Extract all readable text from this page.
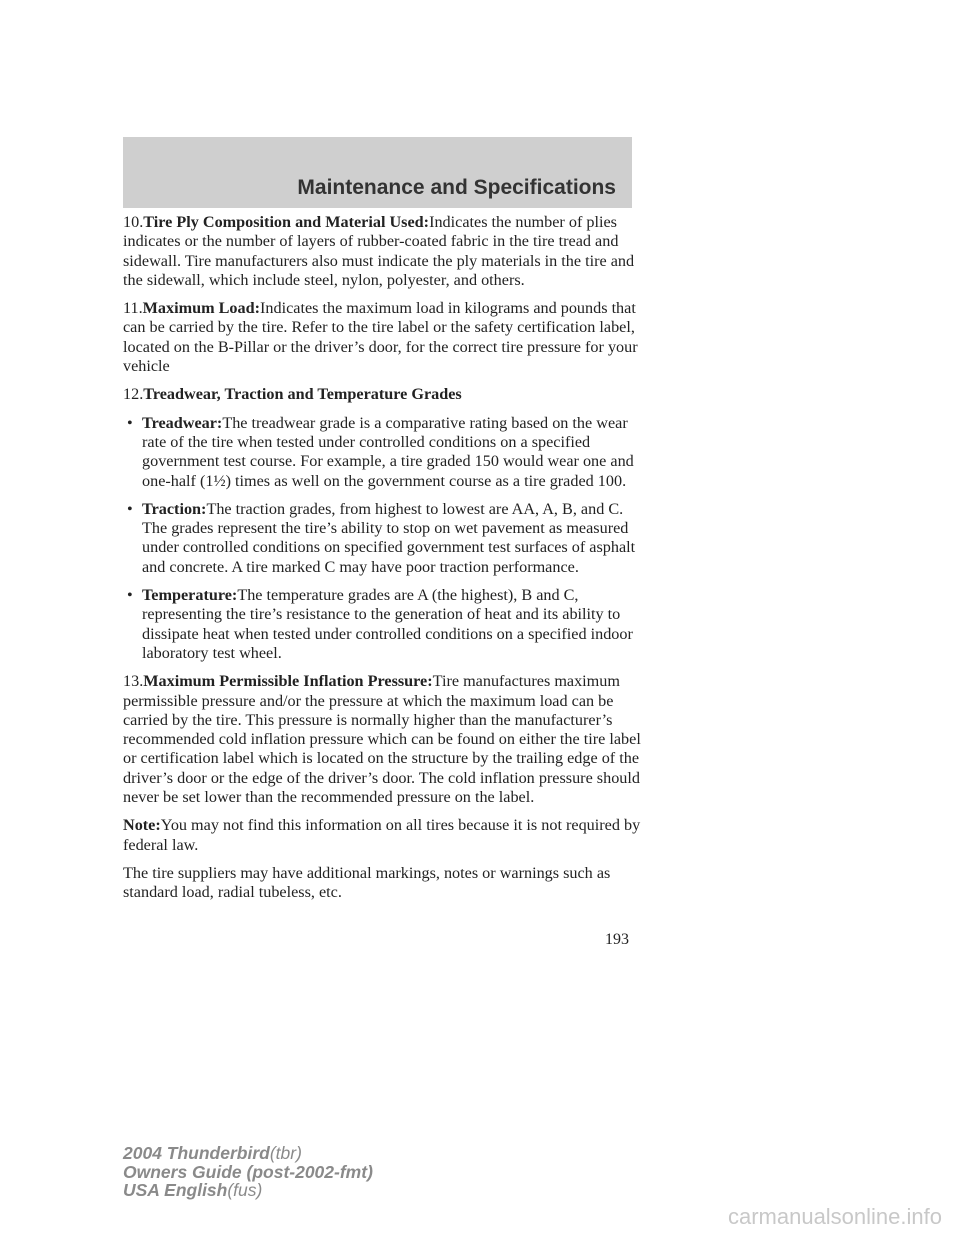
Maintenance and Specifications

10.Tire Ply Composition and Material Used:Indicates the number of plies indicates or the number of layers of rubber-coated fabric in the tire tread and sidewall. Tire manufacturers also must indicate the ply materials in the tire and the sidewall, which include steel, nylon, polyester, and others.

11.Maximum Load:Indicates the maximum load in kilograms and pounds that can be carried by the tire. Refer to the tire label or the safety certification label, located on the B-Pillar or the driver’s door, for the correct tire pressure for your vehicle

12.Treadwear, Traction and Temperature Grades

• Treadwear:The treadwear grade is a comparative rating based on the wear rate of the tire when tested under controlled conditions on a specified government test course. For example, a tire graded 150 would wear one and one-half (1½) times as well on the government course as a tire graded 100.
• Traction:The traction grades, from highest to lowest are AA, A, B, and C. The grades represent the tire’s ability to stop on wet pavement as measured under controlled conditions on specified government test surfaces of asphalt and concrete. A tire marked C may have poor traction performance.
• Temperature:The temperature grades are A (the highest), B and C, representing the tire’s resistance to the generation of heat and its ability to dissipate heat when tested under controlled conditions on a specified indoor laboratory test wheel.

13.Maximum Permissible Inflation Pressure:Tire manufactures maximum permissible pressure and/or the pressure at which the maximum load can be carried by the tire. This pressure is normally higher than the manufacturer’s recommended cold inflation pressure which can be found on either the tire label or certification label which is located on the structure by the trailing edge of the driver’s door or the edge of the driver’s door. The cold inflation pressure should never be set lower than the recommended pressure on the label.

Note:You may not find this information on all tires because it is not required by federal law.

The tire suppliers may have additional markings, notes or warnings such as standard load, radial tubeless, etc.

193
2004 Thunderbird(tbr)
Owners Guide (post-2002-fmt)
USA English(fus)
carmanualsonline.info
